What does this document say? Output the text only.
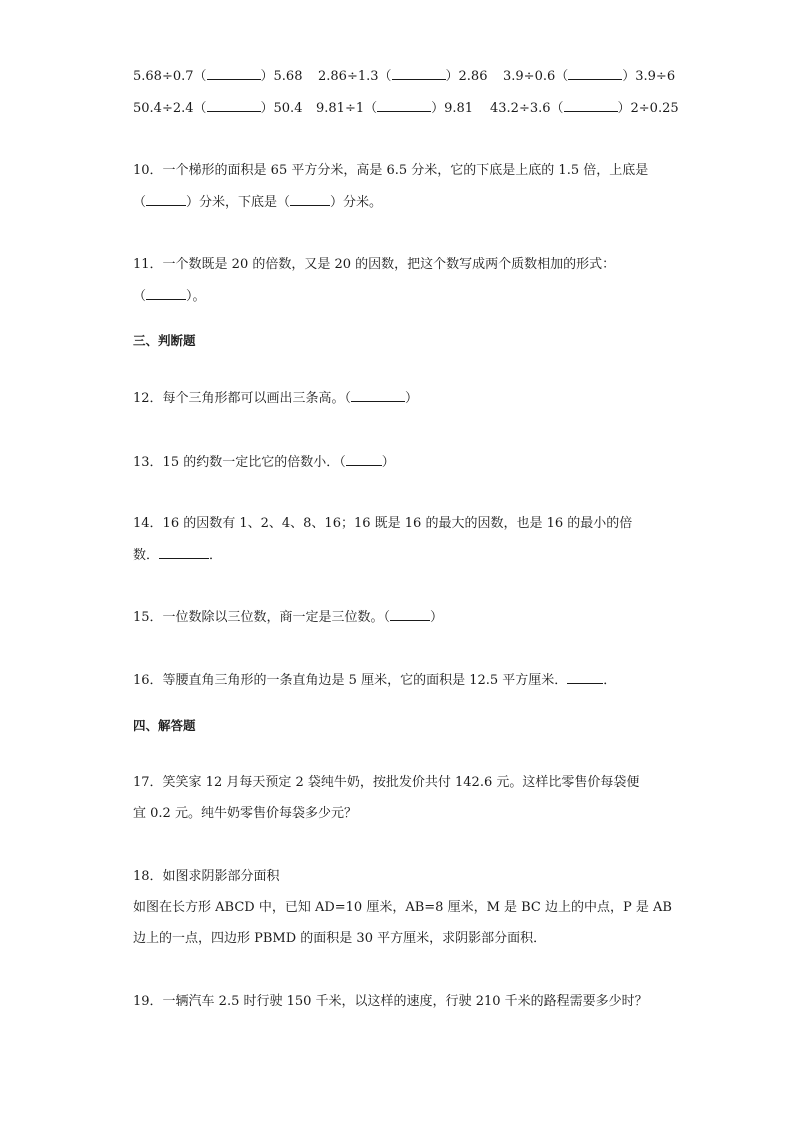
5.68÷0.7（	）5.68 2.86÷1.3（	）2.86 3.9÷0.6（	）3.9÷6
50.4÷2.4（	）50.4 9.81÷1（	）9.81 43.2÷3.6（	）2÷0.25
10．一个梯形的面积是 65 平方分米，高是 6.5 分米，它的下底是上底的 1.5 倍，上底是
（	）分米，下底是（	）分米。
11．一个数既是 20 的倍数，又是 20 的因数，把这个数写成两个质数相加的形式：
（	）。
三、判断题
12．每个三角形都可以画出三条高。（	）
13．15 的约数一定比它的倍数小．（	）
14．16 的因数有 1、2、4、8、16；16 既是 16 的最大的因数，也是 16 的最小的倍
数．	．
15．一位数除以三位数，商一定是三位数。（	）
16．等腰直角三角形的一条直角边是 5 厘米，它的面积是 12.5 平方厘米．	．
四、解答题
17．笑笑家 12 月每天预定 2 袋纯牛奶，按批发价共付 142.6 元。这样比零售价每袋便
宜 0.2 元。纯牛奶零售价每袋多少元？
18．如图求阴影部分面积
如图在长方形 ABCD 中，已知 AD=10 厘米，AB=8 厘米，M 是 BC 边上的中点，P 是 AB
边上的一点，四边形 PBMD 的面积是 30 平方厘米，求阴影部分面积．
19．一辆汽车 2.5 时行驶 150 千米，以这样的速度，行驶 210 千米的路程需要多少时？
